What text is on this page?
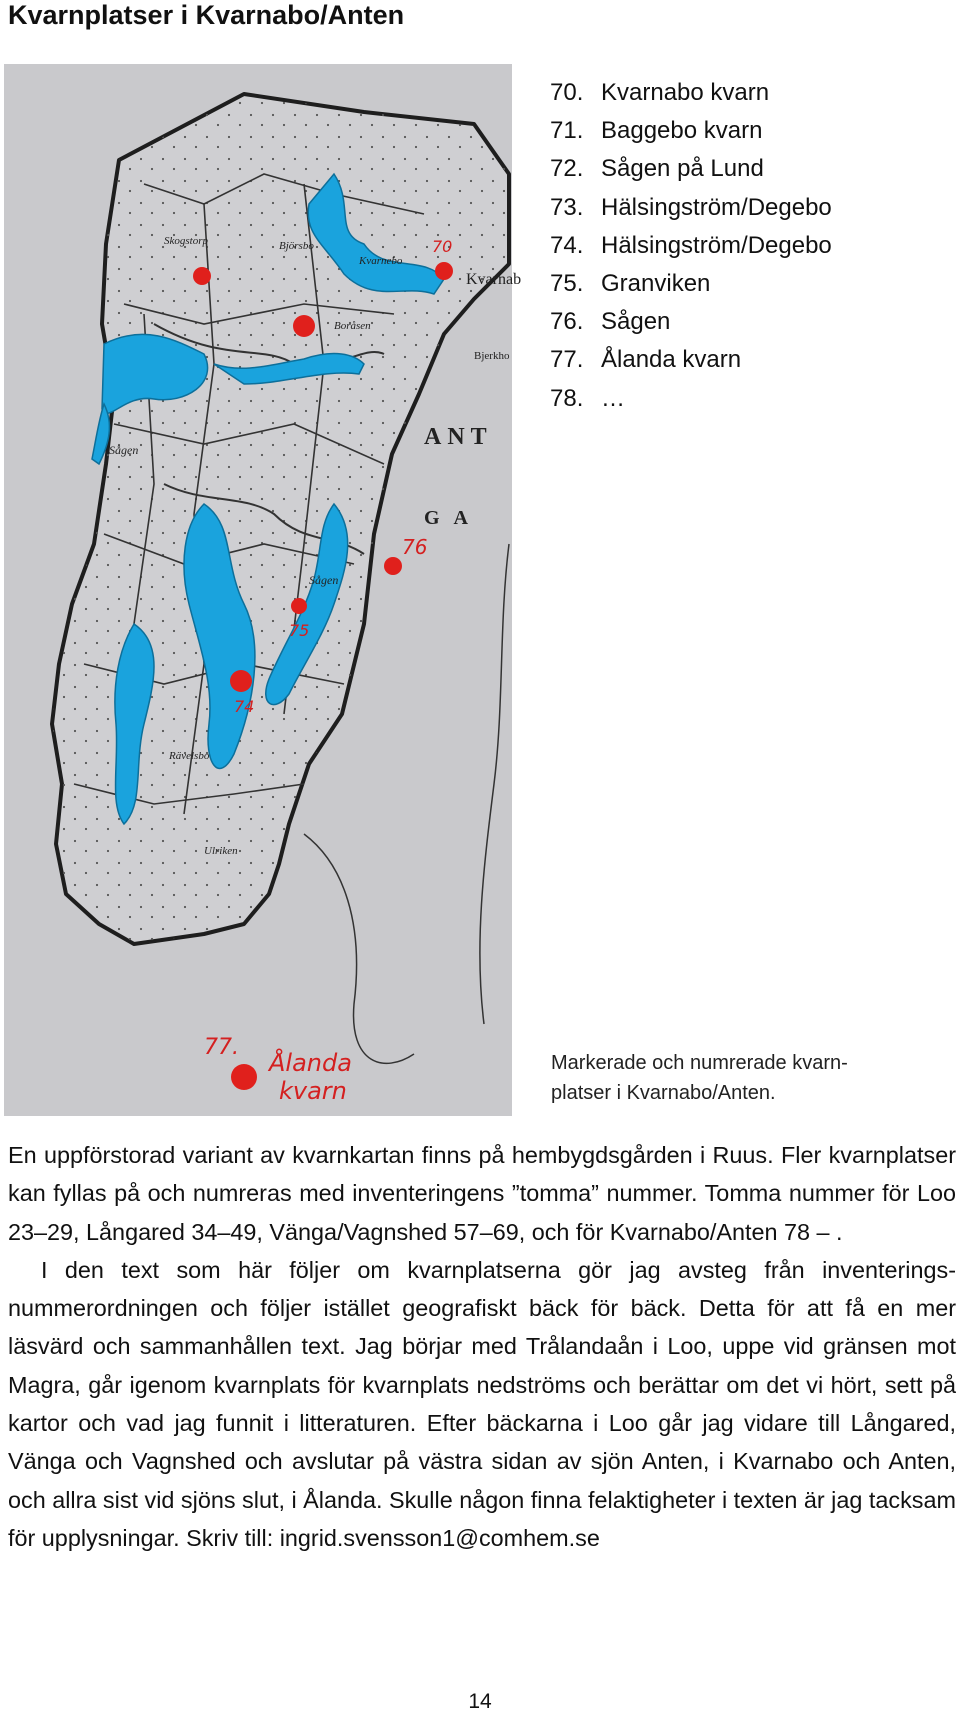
Kvarnplatser i Kvarnabo/Anten
Kvarnab
Bjerkho
ANT
GA
Skogstorp	Björsbo
Kvarnebo
Boråsen
Sågen
Sågen
Rävelsbo
Ulriken
70
76
75
74
77.
Ålanda
kvarn
70. Kvarnabo kvarn
71. Baggebo kvarn
72. Sågen på Lund
73. Hälsingström/Degebo
74. Hälsingström/Degebo
75. Granviken
76. Sågen
77. Ålanda kvarn
78. …
Markerade och numrerade kvarn-platser i Kvarnabo/Anten.

En uppförstorad variant av kvarnkartan finns på hembygdsgården i Ruus. Fler kvarnplatser kan fyllas på och numreras med inventeringens ”tomma” nummer. Tomma nummer för Loo 23–29, Långared 34–49, Vänga/Vagnshed 57–69, och för Kvarnabo/Anten 78 – .

I den text som här följer om kvarnplatserna gör jag avsteg från inventerings-nummerordningen och följer istället geografiskt bäck för bäck. Detta för att få en mer läsvärd och sammanhållen text. Jag börjar med Trålandaån i Loo, uppe vid gränsen mot Magra, går igenom kvarnplats för kvarnplats nedströms och berättar om det vi hört, sett på kartor och vad jag funnit i litteraturen. Efter bäckarna i Loo går jag vidare till Långared, Vänga och Vagnshed och avslutar på västra sidan av sjön Anten, i Kvarnabo och Anten, och allra sist vid sjöns slut, i Ålanda. Skulle någon finna felaktigheter i texten är jag tacksam för upplysningar. Skriv till: ingrid.svensson1@comhem.se

14
